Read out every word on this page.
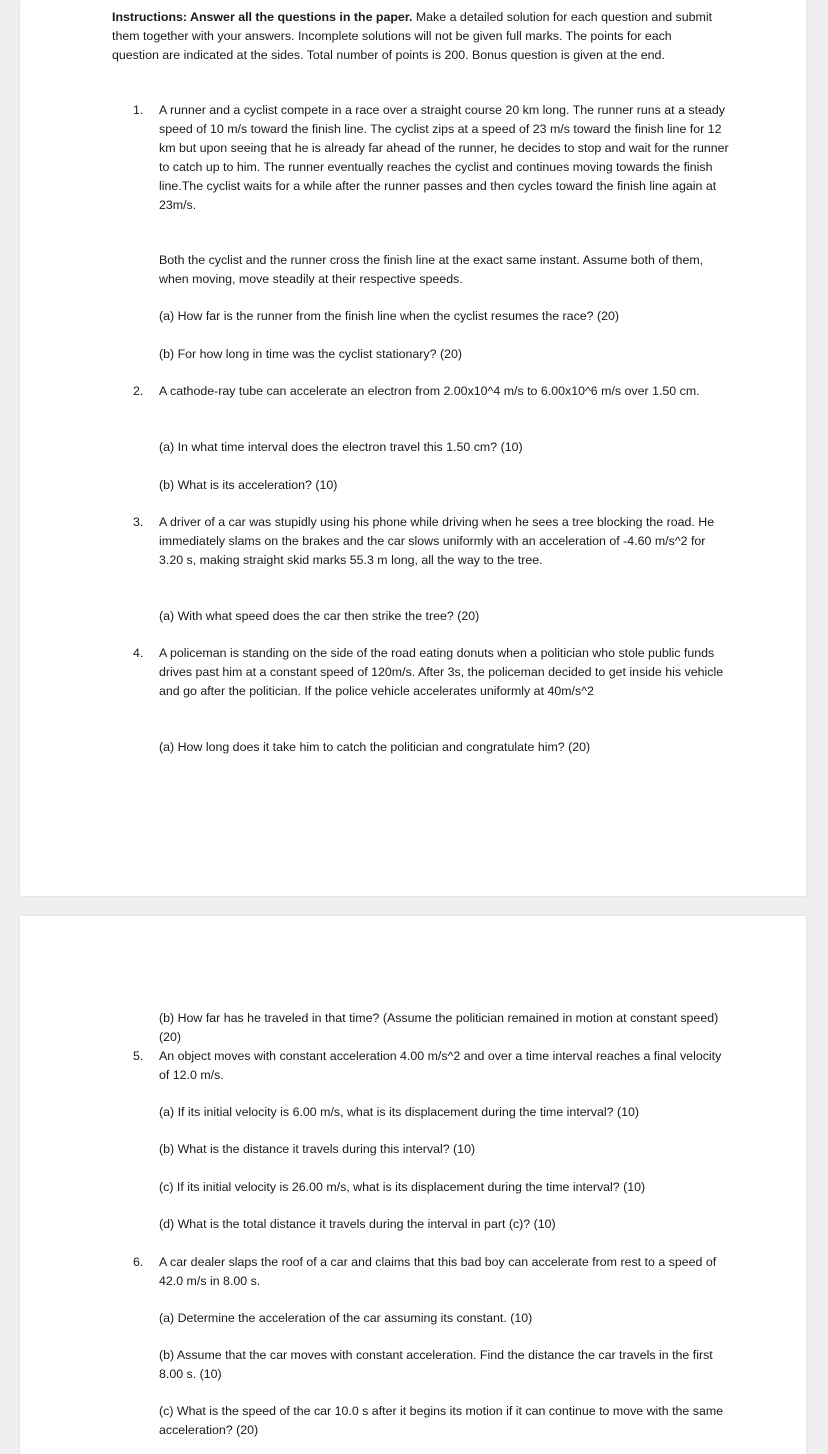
Instructions: Answer all the questions in the paper. Make a detailed solution for each question and submit them together with your answers. Incomplete solutions will not be given full marks. The points for each question are indicated at the sides. Total number of points is 200. Bonus question is given at the end.
1.	A runner and a cyclist compete in a race over a straight course 20 km long. The runner runs at a steady speed of 10 m/s toward the finish line. The cyclist zips at a speed of 23 m/s toward the finish line for 12 km but upon seeing that he is already far ahead of the runner, he decides to stop and wait for the runner to catch up to him. The runner eventually reaches the cyclist and continues moving towards the finish line.The cyclist waits for a while after the runner passes and then cycles toward the finish line again at 23m/s.
Both the cyclist and the runner cross the finish line at the exact same instant. Assume both of them, when moving, move steadily at their respective speeds.
(a) How far is the runner from the finish line when the cyclist resumes the race? (20)
(b) For how long in time was the cyclist stationary? (20)
2.	A cathode-ray tube can accelerate an electron from 2.00x10^4 m/s to 6.00x10^6 m/s over 1.50 cm.
(a) In what time interval does the electron travel this 1.50 cm? (10)
(b) What is its acceleration? (10)
3.	A driver of a car was stupidly using his phone while driving when he sees a tree blocking the road. He immediately slams on the brakes and the car slows uniformly with an acceleration of -4.60 m/s^2 for 3.20 s, making straight skid marks 55.3 m long, all the way to the tree.
(a) With what speed does the car then strike the tree? (20)
4.	A policeman is standing on the side of the road eating donuts when a politician who stole public funds drives past him at a constant speed of 120m/s. After 3s, the policeman decided to get inside his vehicle and go after the politician. If the police vehicle accelerates uniformly at 40m/s^2
(a) How long does it take him to catch the politician and congratulate him? (20)
(b) How far has he traveled in that time? (Assume the politician remained in motion at constant speed) (20)
5.	An object moves with constant acceleration 4.00 m/s^2 and over a time interval reaches a final velocity of 12.0 m/s.
(a) If its initial velocity is 6.00 m/s, what is its displacement during the time interval? (10)
(b) What is the distance it travels during this interval? (10)
(c) If its initial velocity is 26.00 m/s, what is its displacement during the time interval? (10)
(d) What is the total distance it travels during the interval in part (c)? (10)
6.	A car dealer slaps the roof of a car and claims that this bad boy can accelerate from rest to a speed of 42.0 m/s in 8.00 s.
(a) Determine the acceleration of the car assuming its constant. (10)
(b) Assume that the car moves with constant acceleration. Find the distance the car travels in the first 8.00 s. (10)
(c) What is the speed of the car 10.0 s after it begins its motion if it can continue to move with the same acceleration? (20)
